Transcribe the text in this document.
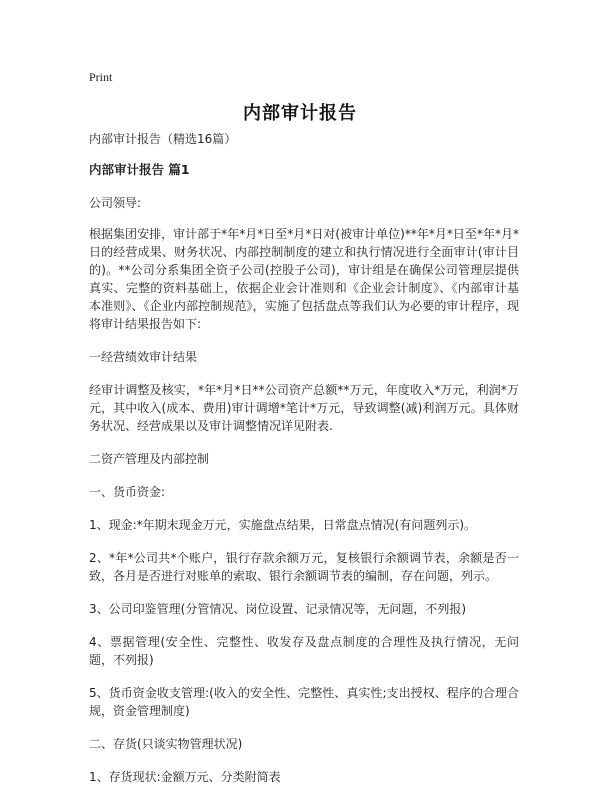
Print
内部审计报告

内部审计报告（精选16篇）

内部审计报告 篇1

公司领导:

根据集团安排，审计部于*年*月*日至*月*日对(被审计单位)**年*月*日至*年*月*日的经营成果、财务状况、内部控制制度的建立和执行情况进行全面审计(审计目的)。**公司分系集团全资子公司(控股子公司)，审计组是在确保公司管理层提供真实、完整的资料基础上，依据企业会计准则和《企业会计制度》、《内部审计基本准则》、《企业内部控制规范》，实施了包括盘点等我们认为必要的审计程序，现将审计结果报告如下:

一经营绩效审计结果

经审计调整及核实，*年*月*日**公司资产总额**万元，年度收入*万元，利润*万元，其中收入(成本、费用)审计调增*笔计*万元，导致调整(减)利润万元。具体财务状况、经营成果以及审计调整情况详见附表.

二资产管理及内部控制

一、货币资金:

1、现金:*年期末现金万元，实施盘点结果，日常盘点情况(有问题列示)。

2、*年*公司共*个账户，银行存款余额万元，复核银行余额调节表，余额是否一致，各月是否进行对账单的索取、银行余额调节表的编制，存在问题，列示。

3、公司印鉴管理(分管情况、岗位设置、记录情况等，无问题，不列报)

4、票据管理(安全性、完整性、收发存及盘点制度的合理性及执行情况，无问题，不列报)

5、货币资金收支管理:(收入的安全性、完整性、真实性;支出授权、程序的合理合规，资金管理制度)

二、存货(只谈实物管理状况)

1、存货现状:金额万元、分类附简表
